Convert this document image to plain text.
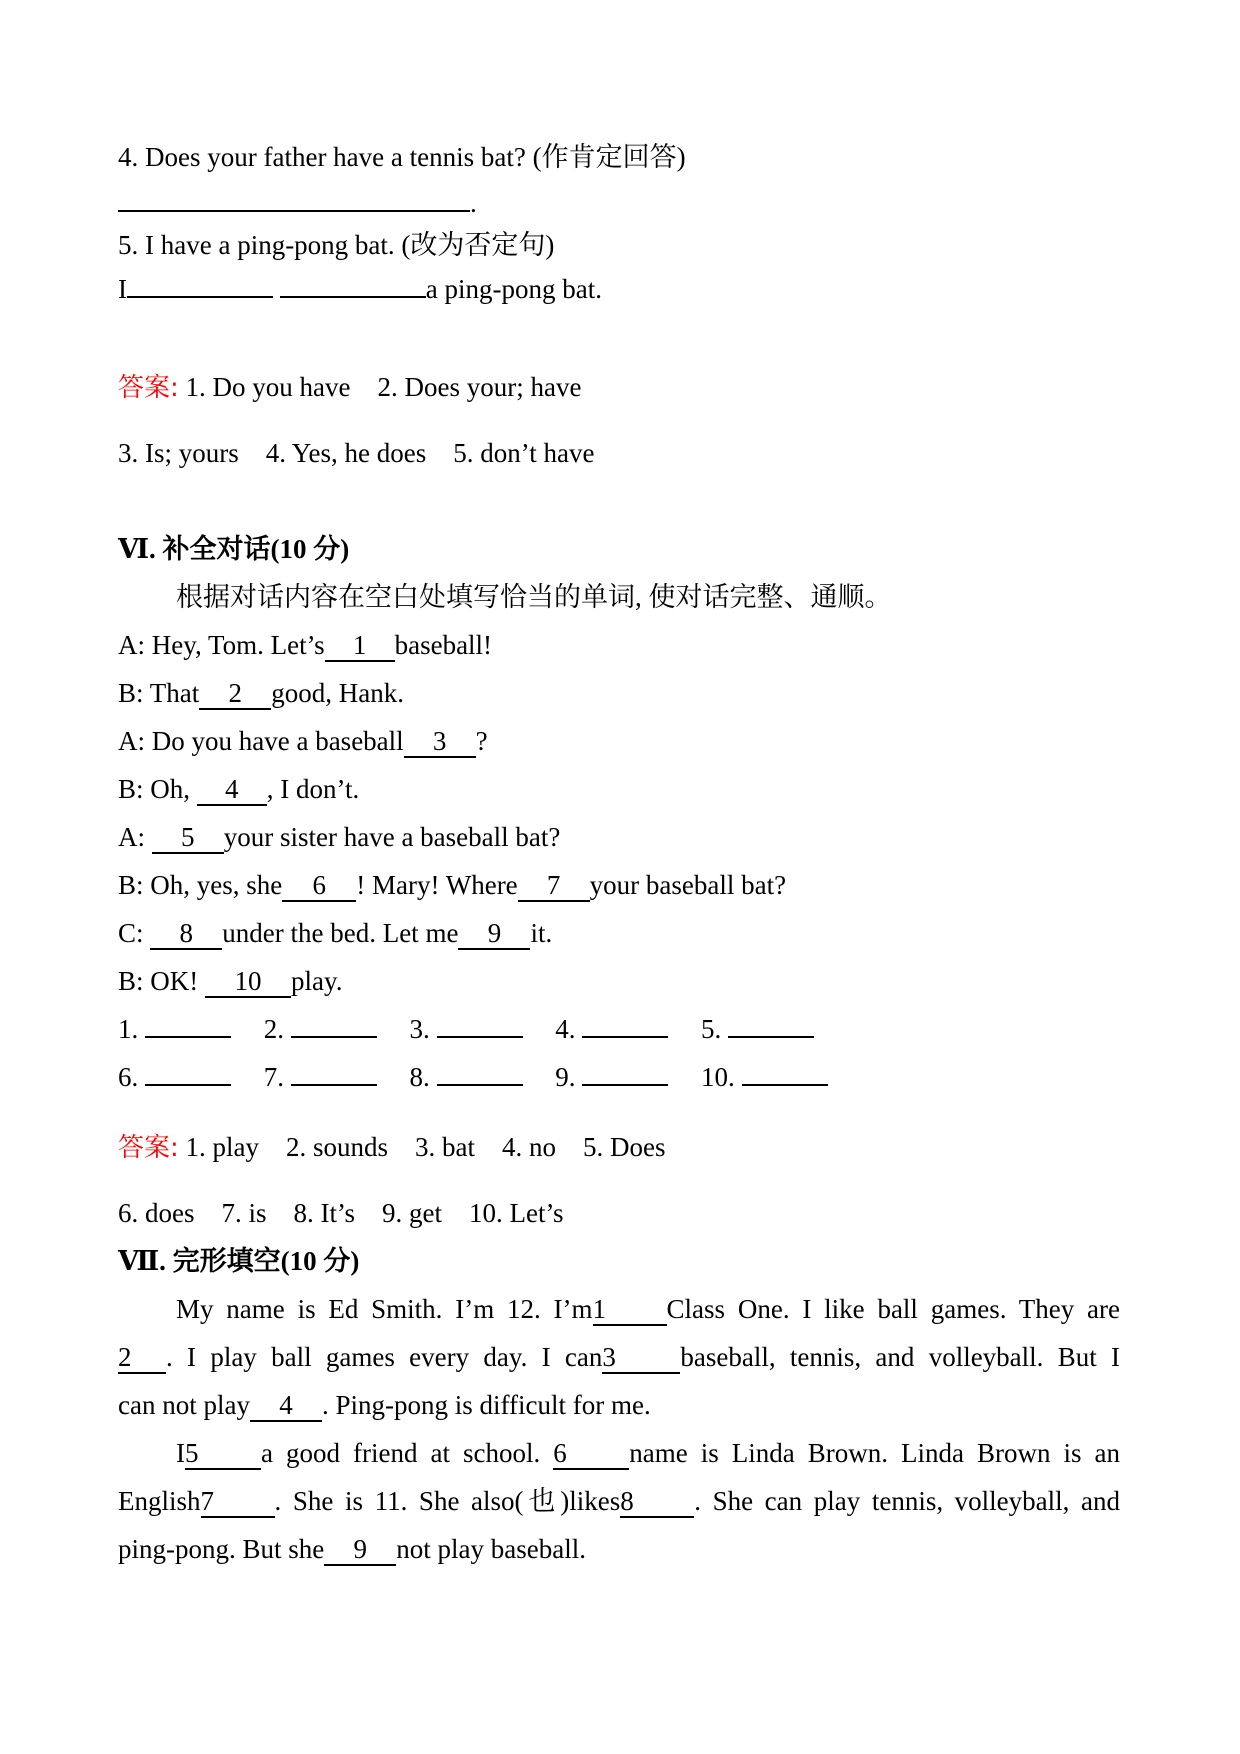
4. Does your father have a tennis bat? (作肯定回答)
.
5. I have a ping-pong bat. (改为否定句)
I	a ping-pong bat.
答案: 1. Do you have    2. Does your; have
3. Is; yours    4. Yes, he does    5. don’t have
Ⅵ. 补全对话(10 分)
根据对话内容在空白处填写恰当的单词, 使对话完整、通顺。
A: Hey, Tom. Let’s 1 baseball!
B: That 2 good, Hank.
A: Do you have a baseball 3 ?
B: Oh, 4 , I don’t.
A: 5 your sister have a baseball bat?
B: Oh, yes, she 6 ! Mary! Where 7 your baseball bat?
C: 8 under the bed. Let me 9 it.
B: OK! 10 play.
1.	2.	3.	4.	5.
6.	7.	8.	9.	10.
答案: 1. play    2. sounds    3. bat    4. no    5. Does
6. does    7. is    8. It’s    9. get    10. Let’s
Ⅶ. 完形填空(10 分)
My name is Ed Smith. I’m 12. I’m1 Class One. I like ball games. They are
2 . I play ball games every day. I can3 baseball, tennis, and volleyball. But I
can not play 4 . Ping-pong is difficult for me.
I5 a good friend at school. 6 name is Linda Brown. Linda Brown is an
English7 . She is 11. She also(也)likes8 . She can play tennis, volleyball, and
ping-pong. But she 9 not play baseball.
